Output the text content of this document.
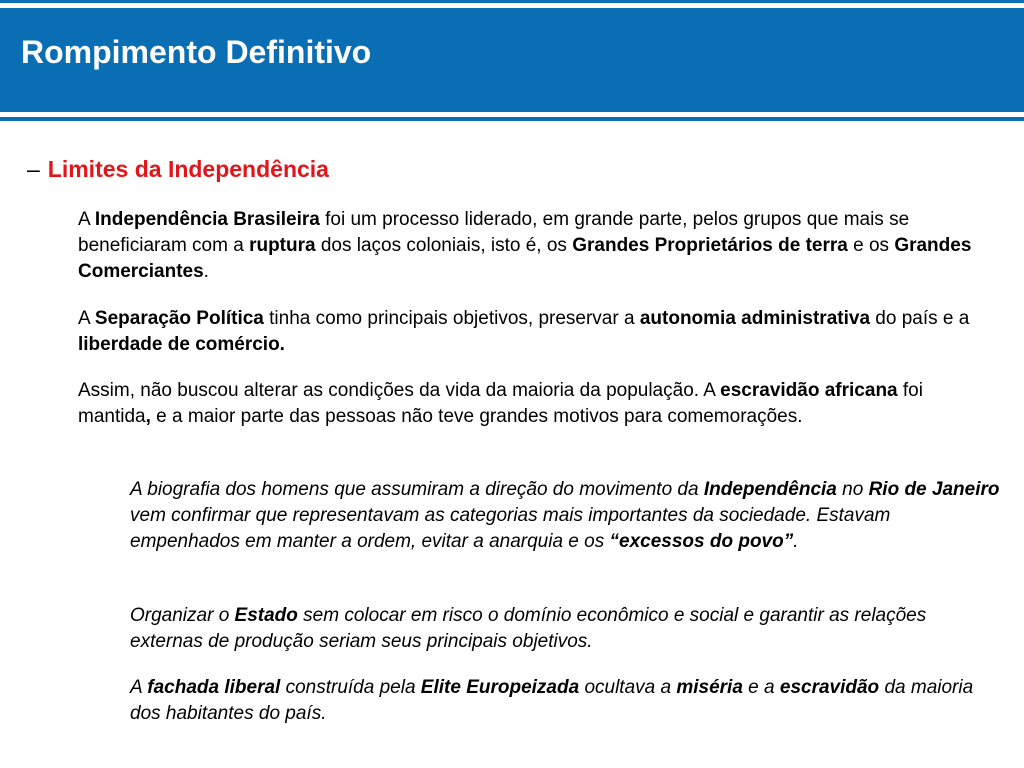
Rompimento Definitivo
– Limites da Independência

A Independência Brasileira foi um processo liderado, em grande parte, pelos grupos que mais se beneficiaram com a ruptura dos laços coloniais, isto é, os Grandes Proprietários de terra e os Grandes Comerciantes.

A Separação Política tinha como principais objetivos, preservar a autonomia administrativa do país e a liberdade de comércio.

Assim, não buscou alterar as condições da vida da maioria da população. A escravidão africana foi mantida, e a maior parte das pessoas não teve grandes motivos para comemorações.

A biografia dos homens que assumiram a direção do movimento da Independência no Rio de Janeiro vem confirmar que representavam as categorias mais importantes da sociedade. Estavam empenhados em manter a ordem, evitar a anarquia e os “excessos do povo”.

Organizar o Estado sem colocar em risco o domínio econômico e social e garantir as relações externas de produção seriam seus principais objetivos.

A fachada liberal construída pela Elite Europeizada ocultava a miséria e a escravidão da maioria dos habitantes do país.
